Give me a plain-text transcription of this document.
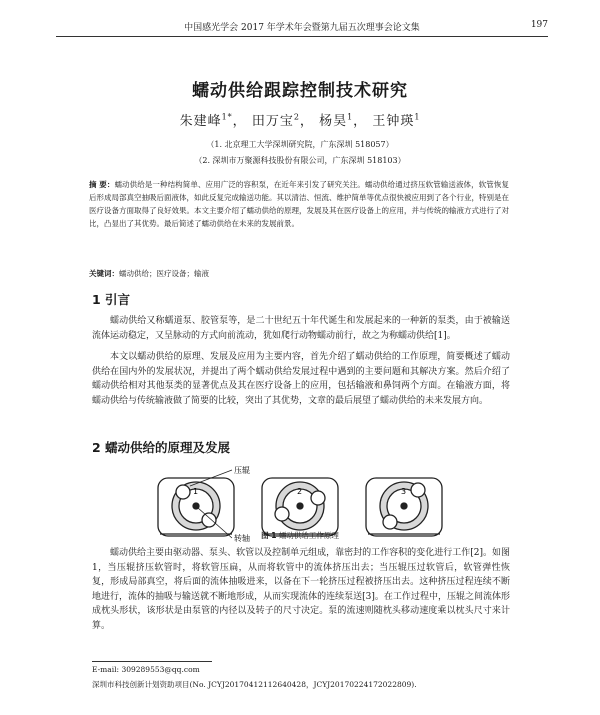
中国感光学会 2017 年学术年会暨第九届五次理事会论文集	197
蠕动供给跟踪控制技术研究
朱建峰$^{1*}$， 田万宝$^2$， 杨昊$^1$， 王钟瑛$^1$
（1. 北京理工大学深圳研究院，广东深圳 518057）
（2. 深圳市万聚源科技股份有限公司，广东深圳 518103）
摘 要：蠕动供给是一种结构简单、应用广泛的容积泵，在近年来引发了研究关注。蠕动供给通过挤压软管输送液体，软管恢复后形成局部真空抽吸后面液体，如此反复完成输送功能。其以清洁、恒流、维护简单等优点很快被应用到了各个行业，特别是在医疗设备方面取得了良好效果。本文主要介绍了蠕动供给的原理，发展及其在医疗设备上的应用，并与传统的输液方式进行了对比，凸显出了其优势。最后简述了蠕动供给在未来的发展前景。
关键词：蠕动供给；医疗设备；输液
1 引言
蠕动供给又称蠕道泵、胶管泵等，是二十世纪五十年代诞生和发展起来的一种新的泵类，由于被输送流体运动稳定，又呈脉动的方式向前流动，犹如爬行动物蠕动前行，故之为称蠕动供给[1]。
本文以蠕动供给的原理、发展及应用为主要内容，首先介绍了蠕动供给的工作原理，简要概述了蠕动供给在国内外的发展状况，并提出了两个蠕动供给发展过程中遇到的主要问题和其解决方案。然后介绍了蠕动供给相对其他泵类的显著优点及其在医疗设备上的应用，包括输液和鼻饲两个方面。在输液方面，将蠕动供给与传统输液做了简要的比较，突出了其优势，文章的最后展望了蠕动供给的未来发展方向。
2 蠕动供给的原理及发展
压辊
转轴
1	2	3
图 1 蠕动供给工作原理
蠕动供给主要由驱动器、泵头、软管以及控制单元组成，靠密封的工作容积的变化进行工作[2]。如图 1，当压辊挤压软管时，将软管压扁，从而将软管中的流体挤压出去；当压辊压过软管后，软管弹性恢复，形成局部真空，将后面的流体抽吸进来，以备在下一轮挤压过程被挤压出去。这种挤压过程连续不断地进行，流体的抽吸与输送就不断地形成，从而实现流体的连续泵送[3]。在工作过程中，压辊之间流体形成枕头形状，该形状是由泵管的内径以及转子的尺寸决定。泵的流速则随枕头移动速度乘以枕头尺寸来计算。
E-mail: 309289553@qq.com
深圳市科技创新计划资助项目(No. JCYJ20170412112640428，JCYJ20170224172022809).
